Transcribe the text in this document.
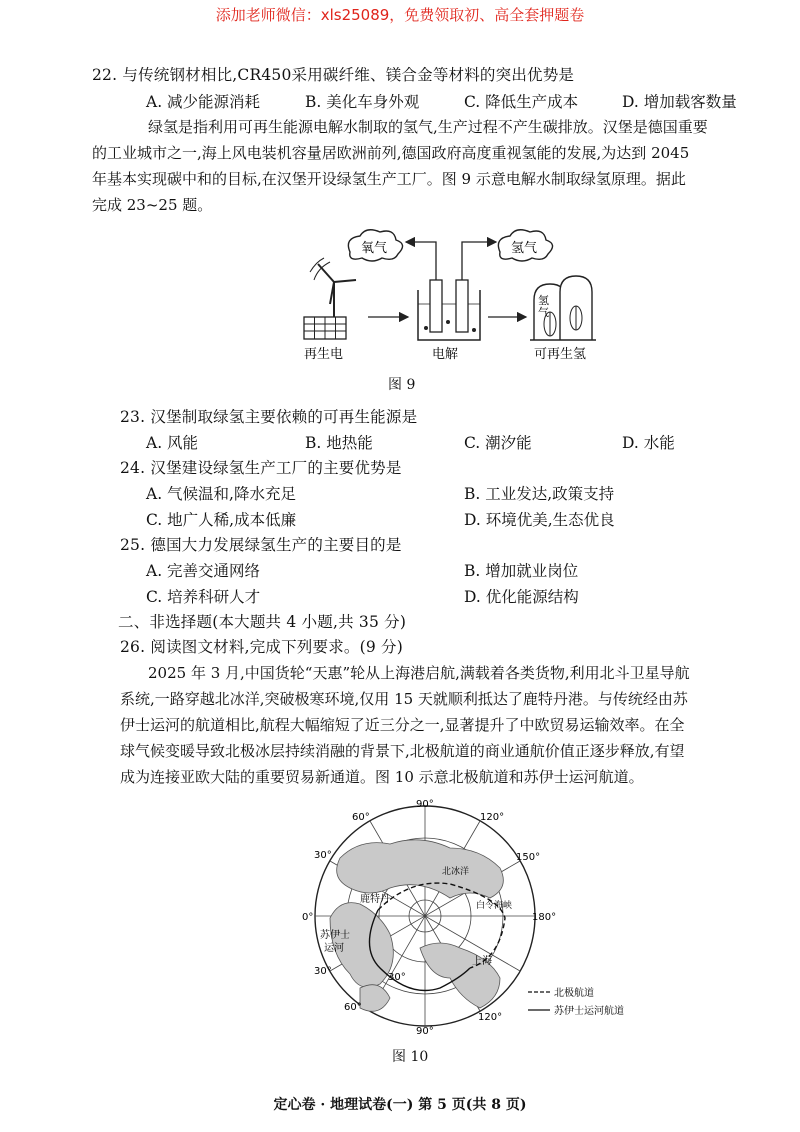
添加老师微信：xls25089，免费领取初、高全套押题卷
22. 与传统钢材相比,CR450采用碳纤维、镁合金等材料的突出优势是
A. 减少能源消耗	B. 美化车身外观	C. 降低生产成本	D. 增加载客数量
绿氢是指利用可再生能源电解水制取的氢气,生产过程不产生碳排放。汉堡是德国重要
的工业城市之一,海上风电装机容量居欧洲前列,德国政府高度重视氢能的发展,为达到 2045
年基本实现碳中和的目标,在汉堡开设绿氢生产工厂。图 9 示意电解水制取绿氢原理。据此
完成 23~25 题。
氧气	氢气
再生电	电解
氢
气
可再生氢
图 9
23. 汉堡制取绿氢主要依赖的可再生能源是
A. 风能	B. 地热能	C. 潮汐能	D. 水能
24. 汉堡建设绿氢生产工厂的主要优势是
A. 气候温和,降水充足	B. 工业发达,政策支持
C. 地广人稀,成本低廉	D. 环境优美,生态优良
25. 德国大力发展绿氢生产的主要目的是
A. 完善交通网络	B. 增加就业岗位
C. 培养科研人才	D. 优化能源结构
二、非选择题(本大题共 4 小题,共 35 分)
26. 阅读图文材料,完成下列要求。(9 分)
2025 年 3 月,中国货轮“天惠”轮从上海港启航,满载着各类货物,利用北斗卫星导航
系统,一路穿越北冰洋,突破极寒环境,仅用 15 天就顺利抵达了鹿特丹港。与传统经由苏
伊士运河的航道相比,航程大幅缩短了近三分之一,显著提升了中欧贸易运输效率。在全
球气候变暖导致北极冰层持续消融的背景下,北极航道的商业通航价值正逐步释放,有望
成为连接亚欧大陆的重要贸易新通道。图 10 示意北极航道和苏伊士运河航道。
90°
60°
30°
0°
30°
60°
90°
120°
150°
180°
120°
30°
鹿特丹
北冰洋
白令海峡
苏伊士
运河
上海
北极航道
苏伊士运河航道
图 10
定心卷 · 地理试卷(一) 第 5 页(共 8 页)
